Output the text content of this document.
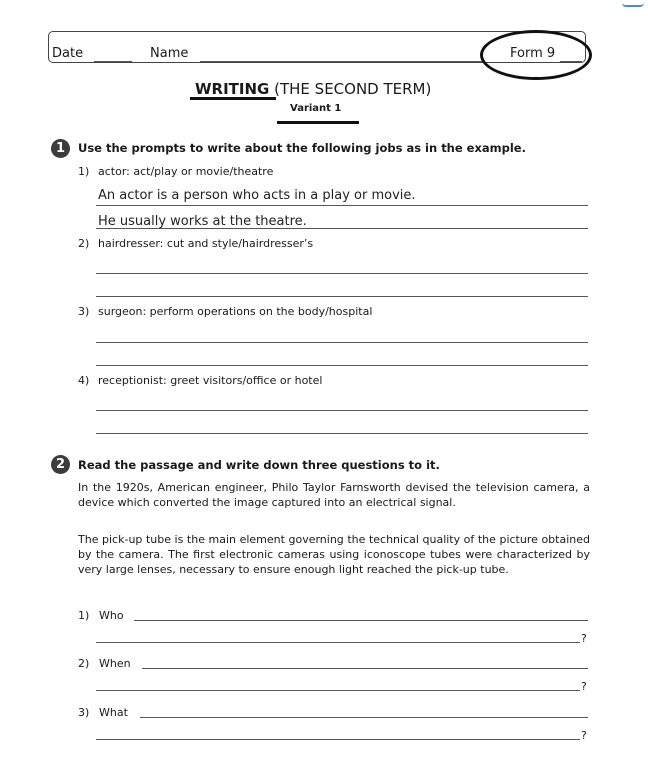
Date	Name	Form 9
WRITING (THE SECOND TERM)
Variant 1
1	Use the prompts to write about the following jobs as in the example.
1) actor: act/play or movie/theatre
An actor is a person who acts in a play or movie.
He usually works at the theatre.
2) hairdresser: cut and style/hairdresser’s
3) surgeon: perform operations on the body/hospital
4) receptionist: greet visitors/office or hotel
2	Read the passage and write down three questions to it.
In the 1920s, American engineer, Philo Taylor Farnsworth devised the television camera, a device which converted the image captured into an electrical signal.
The pick-up tube is the main element governing the technical quality of the picture obtained by the camera. The first electronic cameras using iconoscope tubes were characterized by very large lenses, necessary to ensure enough light reached the pick-up tube.
1) Who
?
2) When
?
3) What
?
